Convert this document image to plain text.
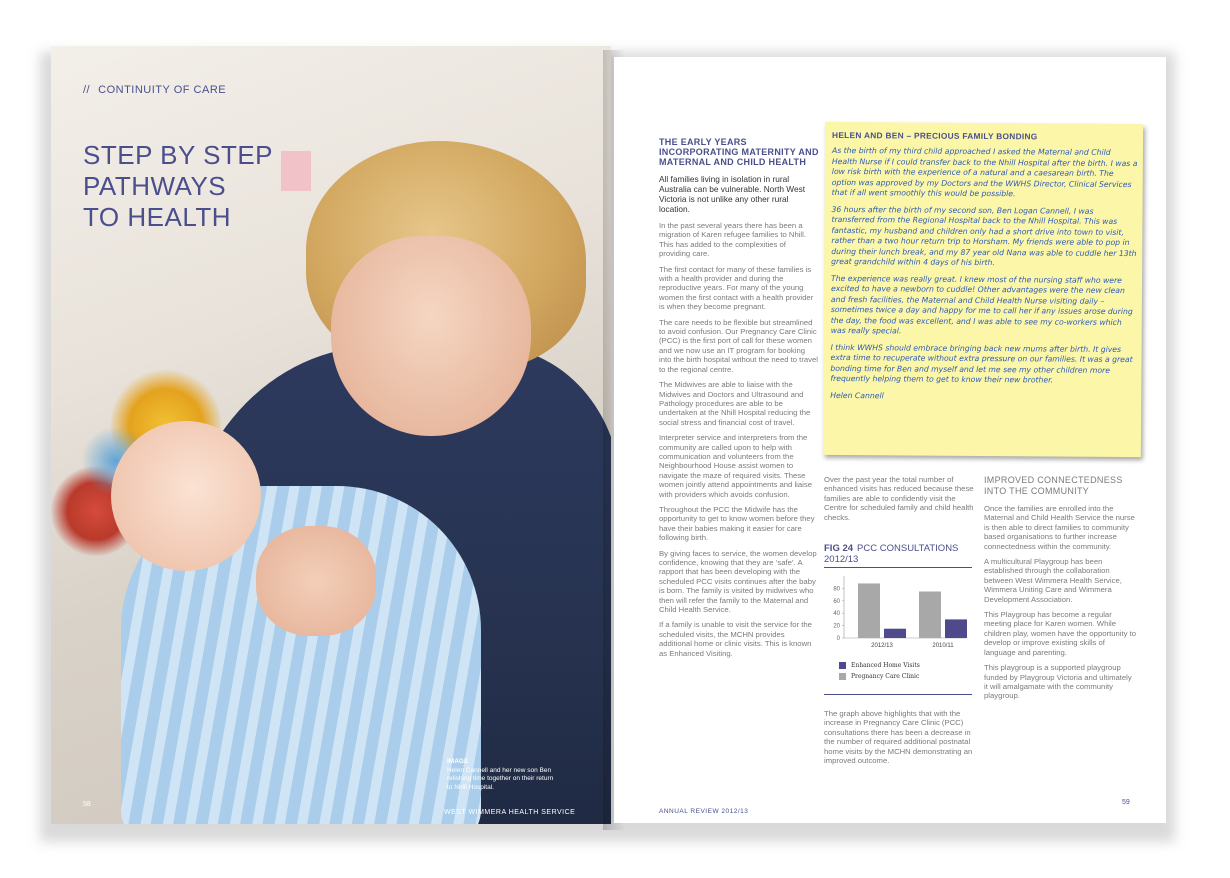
// CONTINUITY OF CARE
STEP BY STEP
PATHWAYS
TO HEALTH
IMAGE
Helen Cannell and her new son Ben relishing time together on their return to Nhill Hospital.
58
WEST WIMMERA HEALTH SERVICE
THE EARLY YEARS INCORPORATING MATERNITY AND MATERNAL AND CHILD HEALTH
All families living in isolation in rural Australia can be vulnerable. North West Victoria is not unlike any other rural location.

In the past several years there has been a migration of Karen refugee families to Nhill. This has added to the complexities of providing care.

The first contact for many of these families is with a health provider and during the reproductive years. For many of the young women the first contact with a health provider is when they become pregnant.

The care needs to be flexible but streamlined to avoid confusion. Our Pregnancy Care Clinic (PCC) is the first port of call for these women and we now use an IT program for booking into the birth hospital without the need to travel to the regional centre.

The Midwives are able to liaise with the Midwives and Doctors and Ultrasound and Pathology procedures are able to be undertaken at the Nhill Hospital reducing the social stress and financial cost of travel.

Interpreter service and interpreters from the community are called upon to help with communication and volunteers from the Neighbourhood House assist women to navigate the maze of required visits. These women jointly attend appointments and liaise with providers which avoids confusion.

Throughout the PCC the Midwife has the opportunity to get to know women before they have their babies making it easier for care following birth.

By giving faces to service, the women develop confidence, knowing that they are ‘safe’. A rapport that has been developing with the scheduled PCC visits continues after the baby is born. The family is visited by midwives who then will refer the family to the Maternal and Child Health Service.

If a family is unable to visit the service for the scheduled visits, the MCHN provides additional home or clinic visits. This is known as Enhanced Visiting.

HELEN AND BEN – PRECIOUS FAMILY BONDING

As the birth of my third child approached I asked the Maternal and Child Health Nurse if I could transfer back to the Nhill Hospital after the birth. I was a low risk birth with the experience of a natural and a caesarean birth. The option was approved by my Doctors and the WWHS Director, Clinical Services that if all went smoothly this would be possible.

36 hours after the birth of my second son, Ben Logan Cannell, I was transferred from the Regional Hospital back to the Nhill Hospital. This was fantastic, my husband and children only had a short drive into town to visit, rather than a two hour return trip to Horsham. My friends were able to pop in during their lunch break, and my 87 year old Nana was able to cuddle her 13th great grandchild within 4 days of his birth.

The experience was really great. I knew most of the nursing staff who were excited to have a newborn to cuddle! Other advantages were the new clean and fresh facilities, the Maternal and Child Health Nurse visiting daily – sometimes twice a day and happy for me to call her if any issues arose during the day, the food was excellent, and I was able to see my co-workers which was really special.

I think WWHS should embrace bringing back new mums after birth. It gives extra time to recuperate without extra pressure on our families. It was a great bonding time for Ben and myself and let me see my other children more frequently helping them to get to know their new brother.

Helen Cannell

Over the past year the total number of enhanced visits has reduced because these families are able to confidently visit the Centre for scheduled family and child health checks.

FIG 24 PCC CONSULTATIONS 2012/13
0
20
40
60
80
2012/13	2010/11
Enhanced Home Visits
Pregnancy Care Clinic

The graph above highlights that with the increase in Pregnancy Care Clinic (PCC) consultations there has been a decrease in the number of required additional postnatal home visits by the MCHN demonstrating an improved outcome.

IMPROVED CONNECTEDNESS INTO THE COMMUNITY

Once the families are enrolled into the Maternal and Child Health Service the nurse is then able to direct families to community based organisations to further increase connectedness within the community.

A multicultural Playgroup has been established through the collaboration between West Wimmera Health Service, Wimmera Uniting Care and Wimmera Development Association.

This Playgroup has become a regular meeting place for Karen women. While children play, women have the opportunity to develop or improve existing skills of language and parenting.

This playgroup is a supported playgroup funded by Playgroup Victoria and ultimately it will amalgamate with the community playgroup.

ANNUAL REVIEW 2012/13
59
